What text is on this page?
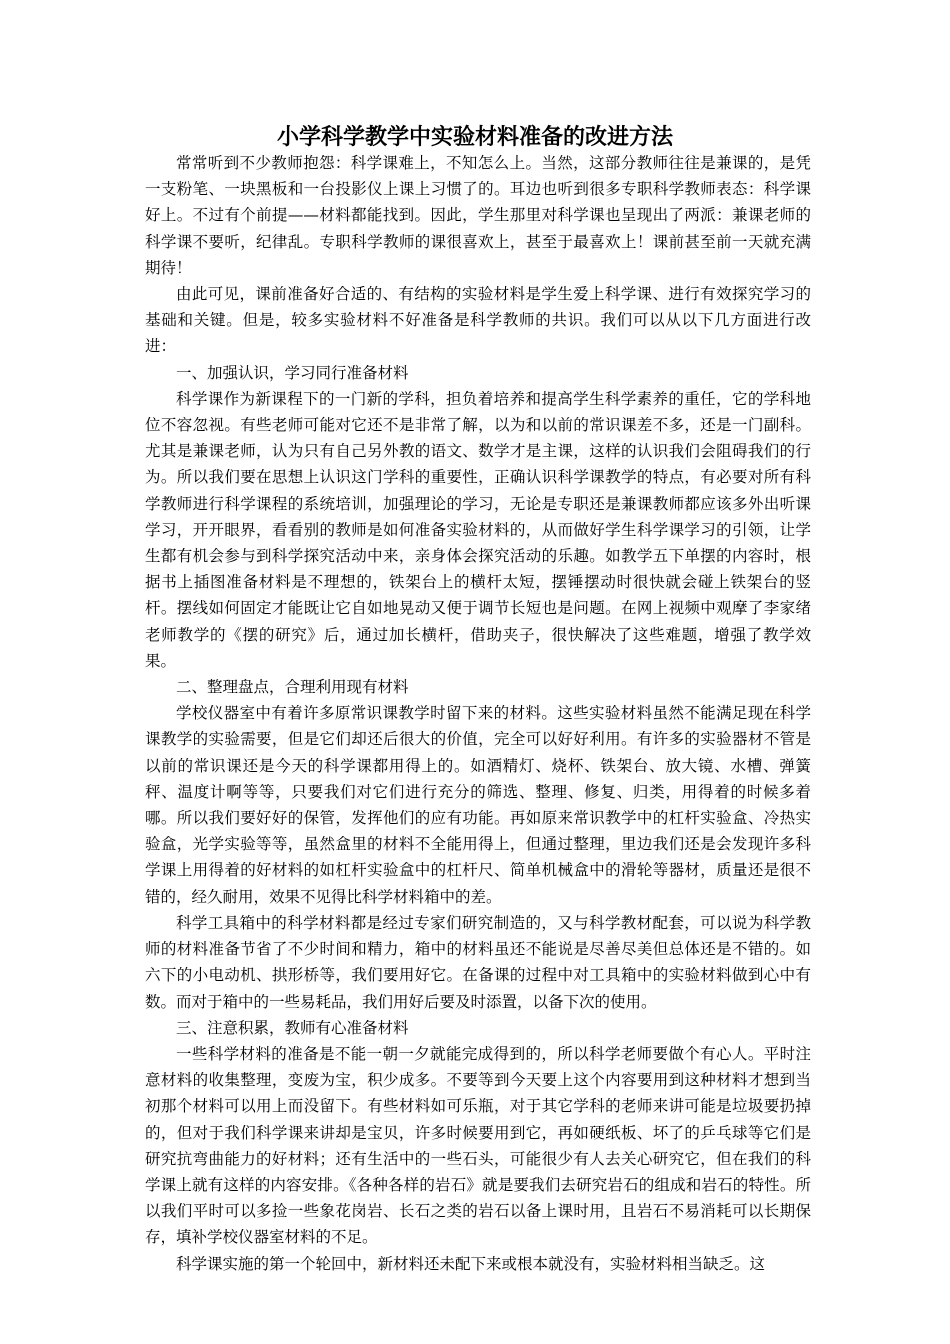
小学科学教学中实验材料准备的改进方法

常常听到不少教师抱怨：科学课难上，不知怎么上。当然，这部分教师往往是兼课的，是凭一支粉笔、一块黑板和一台投影仪上课上习惯了的。耳边也听到很多专职科学教师表态：科学课好上。不过有个前提——材料都能找到。因此，学生那里对科学课也呈现出了两派：兼课老师的科学课不要听，纪律乱。专职科学教师的课很喜欢上，甚至于最喜欢上！课前甚至前一天就充满期待！

由此可见，课前准备好合适的、有结构的实验材料是学生爱上科学课、进行有效探究学习的基础和关键。但是，较多实验材料不好准备是科学教师的共识。我们可以从以下几方面进行改进：

一、加强认识，学习同行准备材料

科学课作为新课程下的一门新的学科，担负着培养和提高学生科学素养的重任，它的学科地位不容忽视。有些老师可能对它还不是非常了解，以为和以前的常识课差不多，还是一门副科。尤其是兼课老师，认为只有自己另外教的语文、数学才是主课，这样的认识我们会阻碍我们的行为。所以我们要在思想上认识这门学科的重要性，正确认识科学课教学的特点，有必要对所有科学教师进行科学课程的系统培训，加强理论的学习，无论是专职还是兼课教师都应该多外出听课学习，开开眼界，看看别的教师是如何准备实验材料的，从而做好学生科学课学习的引领，让学生都有机会参与到科学探究活动中来，亲身体会探究活动的乐趣。如教学五下单摆的内容时，根据书上插图准备材料是不理想的，铁架台上的横杆太短，摆锤摆动时很快就会碰上铁架台的竖杆。摆线如何固定才能既让它自如地晃动又便于调节长短也是问题。在网上视频中观摩了李家绪老师教学的《摆的研究》后，通过加长横杆，借助夹子，很快解决了这些难题，增强了教学效果。

二、整理盘点，合理利用现有材料

学校仪器室中有着许多原常识课教学时留下来的材料。这些实验材料虽然不能满足现在科学课教学的实验需要，但是它们却还后很大的价值，完全可以好好利用。有许多的实验器材不管是以前的常识课还是今天的科学课都用得上的。如酒精灯、烧杯、铁架台、放大镜、水槽、弹簧秤、温度计啊等等，只要我们对它们进行充分的筛选、整理、修复、归类，用得着的时候多着哪。所以我们要好好的保管，发挥他们的应有功能。再如原来常识教学中的杠杆实验盒、冷热实验盒，光学实验等等，虽然盒里的材料不全能用得上，但通过整理，里边我们还是会发现许多科学课上用得着的好材料的如杠杆实验盒中的杠杆尺、简单机械盒中的滑轮等器材，质量还是很不错的，经久耐用，效果不见得比科学材料箱中的差。

科学工具箱中的科学材料都是经过专家们研究制造的，又与科学教材配套，可以说为科学教师的材料准备节省了不少时间和精力，箱中的材料虽还不能说是尽善尽美但总体还是不错的。如六下的小电动机、拱形桥等，我们要用好它。在备课的过程中对工具箱中的实验材料做到心中有数。而对于箱中的一些易耗品，我们用好后要及时添置，以备下次的使用。

三、注意积累，教师有心准备材料

一些科学材料的准备是不能一朝一夕就能完成得到的，所以科学老师要做个有心人。平时注意材料的收集整理，变废为宝，积少成多。不要等到今天要上这个内容要用到这种材料才想到当初那个材料可以用上而没留下。有些材料如可乐瓶，对于其它学科的老师来讲可能是垃圾要扔掉的，但对于我们科学课来讲却是宝贝，许多时候要用到它，再如硬纸板、坏了的乒乓球等它们是研究抗弯曲能力的好材料；还有生活中的一些石头，可能很少有人去关心研究它，但在我们的科学课上就有这样的内容安排。《各种各样的岩石》就是要我们去研究岩石的组成和岩石的特性。所以我们平时可以多捡一些象花岗岩、长石之类的岩石以备上课时用，且岩石不易消耗可以长期保存，填补学校仪器室材料的不足。

科学课实施的第一个轮回中，新材料还未配下来或根本就没有，实验材料相当缺乏。这
